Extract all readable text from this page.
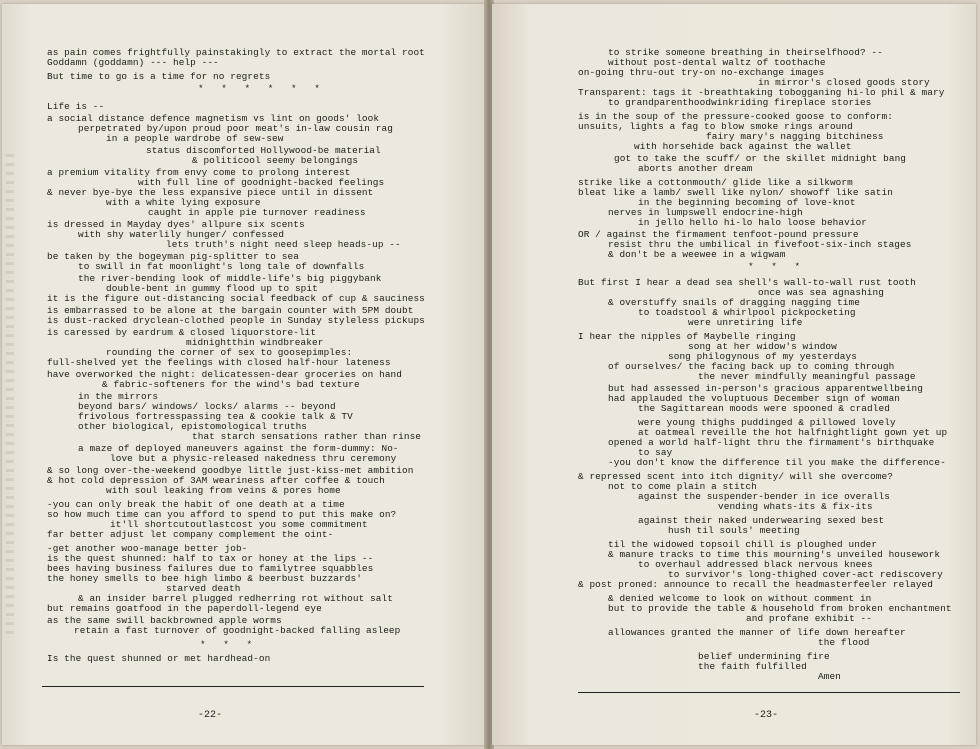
as pain comes frightfully painstakingly to extract the mortal root
Goddamn (goddamn) --- help ---
But time to go is a time for no regrets
* * * * * *
Life is --
a social distance defence magnetism vs lint on goods' look
perpetrated by/upon proud poor meat's in-law cousin rag
in a people wardrobe of sew-sew
status discomforted Hollywood-be material
& politicool seemy belongings
a premium vitality from envy come to prolong interest
with full line of goodnight-backed feelings
& never bye-bye the less expansive piece until in dissent
with a white lying exposure
caught in apple pie turnover readiness
is dressed in Mayday dyes' allpure six scents
with shy waterlily hunger/ confessed
lets truth's night need sleep heads-up --
be taken by the bogeyman pig-splitter to sea
to swill in fat moonlight's long tale of downfalls
the river-bending look of middle-life's big piggybank
double-bent in gummy flood up to spit
it is the figure out-distancing social feedback of cup & sauciness
is embarrassed to be alone at the bargain counter with 5PM doubt
is dust-racked dryclean-clothed people in Sunday styleless pickups
is caressed by eardrum & closed liquorstore-lit
midnightthin windbreaker
rounding the corner of sex to goosepimples:
full-shelved yet the feelings with closed half-hour lateness
have overworked the night: delicatessen-dear groceries on hand
& fabric-softeners for the wind's bad texture
in the mirrors
beyond bars/ windows/ locks/ alarms -- beyond
frivolous fortresspassing tea & cookie talk & TV
other biological, epistomological truths
that starch sensations rather than rinse
a maze of deployed maneuvers against the form-dummy: No-
love but a physic-released nakedness thru ceremony
& so long over-the-weekend goodbye little just-kiss-met ambition
& hot cold depression of 3AM weariness after coffee & touch
with soul leaking from veins & pores home
-you can only break the habit of one death at a time
so how much time can you afford to spend to put this make on?
it'll shortcutoutlastcost you some commitment
far better adjust let company complement the oint-
-get another woo-manage better job-
is the quest shunned: half to tax or honey at the lips --
bees having business failures due to familytree squabbles
the honey smells to bee high limbo & beerbust buzzards'
starved death
& an insider barrel plugged redherring rot without salt
but remains goatfood in the paperdoll-legend eye
as the same swill backbrowned apple worms
retain a fast turnover of goodnight-backed falling asleep
* * *
Is the quest shunned or met hardhead-on
-22-
to strike someone breathing in theirselfhood? --
without post-dental waltz of toothache
on-going thru-out try-on no-exchange images
in mirror's closed goods story
Transparent: tags it -breathtaking tobogganing hi-lo phil & mary
to grandparenthoodwinkriding fireplace stories
is in the soup of the pressure-cooked goose to conform:
unsuits, lights a fag to blow smoke rings around
fairy mary's nagging bitchiness
with horsehide back against the wallet
got to take the scuff/ or the skillet midnight bang
aborts another dream
strike like a cottonmouth/ glide like a silkworm
bleat like a lamb/ swell like nylon/ showoff like satin
in the beginning becoming of love-knot
nerves in lumpswell endocrine-high
in jello hello hi-lo halo loose behavior
OR / against the firmament tenfoot-pound pressure
resist thru the umbilical in fivefoot-six-inch stages
& don't be a weewee in a wigwam
* * *
But first I hear a dead sea shell's wall-to-wall rust tooth
once was sea agnashing
& overstuffy snails of dragging nagging time
to toadstool & whirlpool pickpocketing
were unretiring life
I hear the nipples of Maybelle ringing
song at her widow's window
song philogynous of my yesterdays
of ourselves/ the facing back up to coming through
the never mindfully meaningful passage
but had assessed in-person's gracious apparentwellbeing
had applauded the voluptuous December sign of woman
the Sagittarean moods were spooned & cradled
were young thighs puddinged & pillowed lovely
at oatmeal reveille the hot halfnightlight gown yet up
opened a world half-light thru the firmament's birthquake
to say
-you don't know the difference til you make the difference-
& repressed scent into itch dignity/ will she overcome?
not to come plain a stitch
against the suspender-bender in ice overalls
vending whats-its & fix-its
against their naked underwearing sexed best
hush til souls' meeting
til the widowed topsoil chill is ploughed under
& manure tracks to time this mourning's unveiled housework
to overhaul addressed black nervous knees
to survivor's long-thighed cover-act rediscovery
& post proned: announce to recall the headmasterfeeler relayed
& denied welcome to look on without comment in
but to provide the table & household from broken enchantment
and profane exhibit --
allowances granted the manner of life down hereafter
the flood
belief undermining fire
the faith fulfilled
Amen
-23-
